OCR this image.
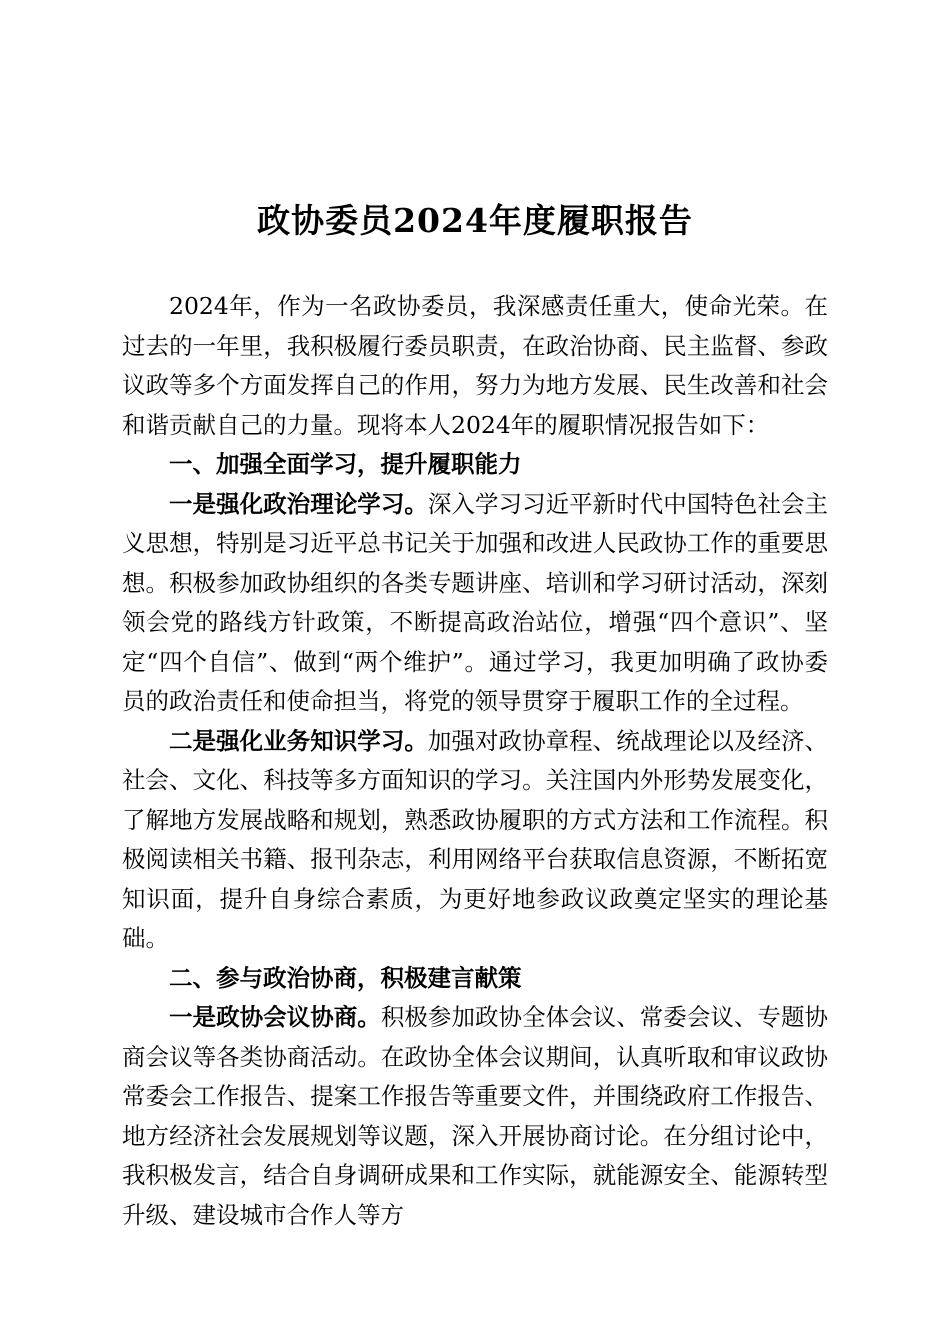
政协委员2024年度履职报告

2024年，作为一名政协委员，我深感责任重大，使命光荣。在过去的一年里，我积极履行委员职责，在政治协商、民主监督、参政议政等多个方面发挥自己的作用，努力为地方发展、民生改善和社会和谐贡献自己的力量。现将本人2024年的履职情况报告如下：

一、加强全面学习，提升履职能力

一是强化政治理论学习。深入学习习近平新时代中国特色社会主义思想，特别是习近平总书记关于加强和改进人民政协工作的重要思想。积极参加政协组织的各类专题讲座、培训和学习研讨活动，深刻领会党的路线方针政策，不断提高政治站位，增强“四个意识”、坚定“四个自信”、做到“两个维护”。通过学习，我更加明确了政协委员的政治责任和使命担当，将党的领导贯穿于履职工作的全过程。

二是强化业务知识学习。加强对政协章程、统战理论以及经济、社会、文化、科技等多方面知识的学习。关注国内外形势发展变化，了解地方发展战略和规划，熟悉政协履职的方式方法和工作流程。积极阅读相关书籍、报刊杂志，利用网络平台获取信息资源，不断拓宽知识面，提升自身综合素质，为更好地参政议政奠定坚实的理论基础。

二、参与政治协商，积极建言献策

一是政协会议协商。积极参加政协全体会议、常委会议、专题协商会议等各类协商活动。在政协全体会议期间，认真听取和审议政协常委会工作报告、提案工作报告等重要文件，并围绕政府工作报告、地方经济社会发展规划等议题，深入开展协商讨论。在分组讨论中，我积极发言，结合自身调研成果和工作实际，就能源安全、能源转型升级、建设城市合作人等方
